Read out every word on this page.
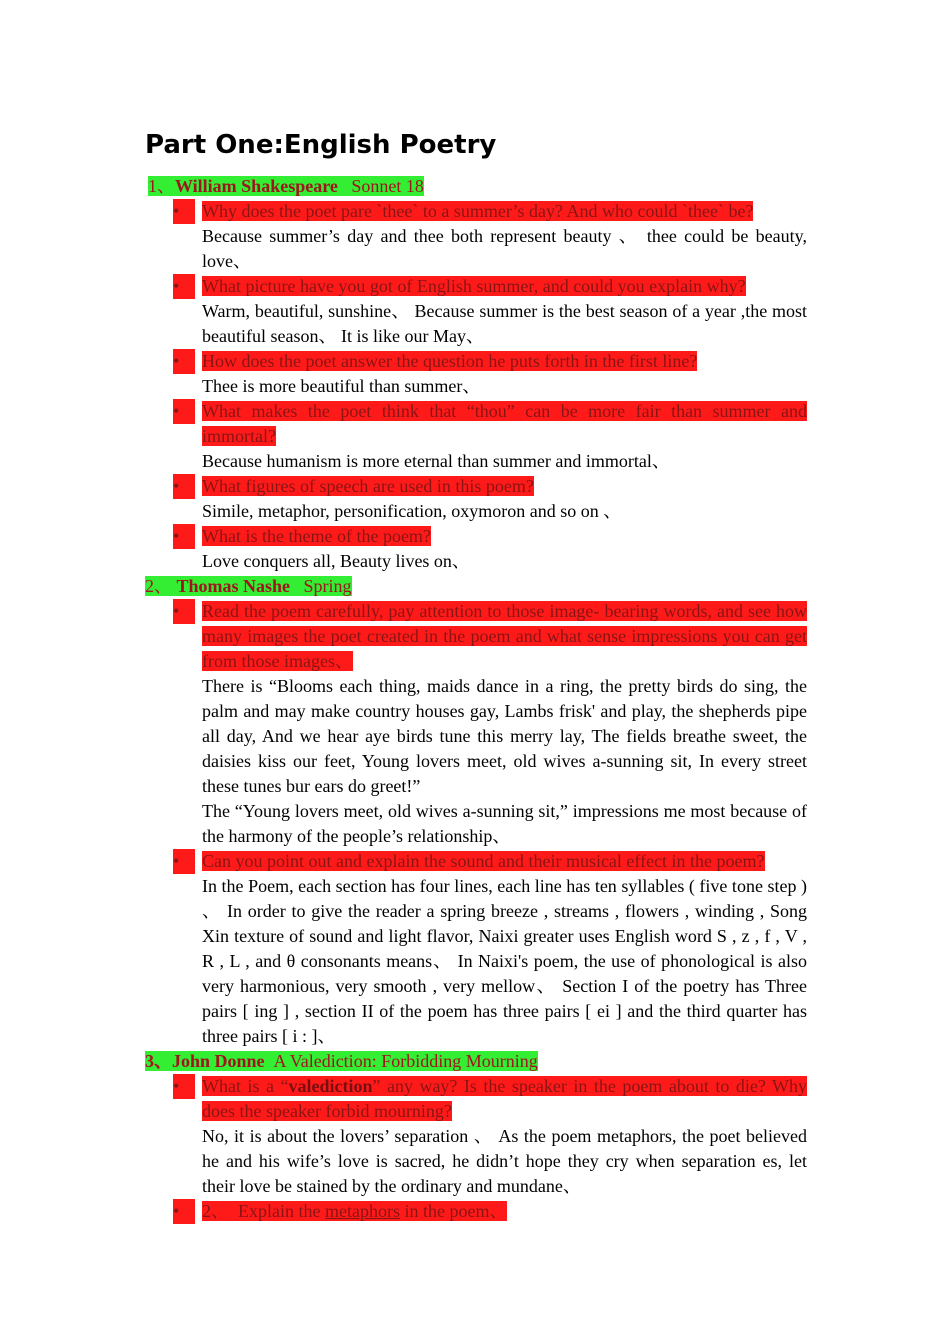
Part One:English Poetry
1、William Shakespeare Sonnet 18
•	Why does the poet pare `thee` to a summer’s day? And who could `thee` be?
Because summer’s day and thee both represent beauty 、 thee could be beauty, love、
•	What picture have you got of English summer, and could you explain why?
Warm, beautiful, sunshine、 Because summer is the best season of a year ,the most beautiful season、 It is like our May、
•	How does the poet answer the question he puts forth in the first line?
Thee is more beautiful than summer、
•	What makes the poet think that “thou” can be more fair than summer and immortal?
Because humanism is more eternal than summer and immortal、
•	What figures of speech are used in this poem?
Simile, metaphor, personification, oxymoron and so on 、
•	What is the theme of the poem?
Love conquers all, Beauty lives on、
2、 Thomas Nashe Spring
•	Read the poem carefully, pay attention to those image- bearing words, and see how many images the poet created in the poem and what sense impressions you can get from those images、
There is “Blooms each thing, maids dance in a ring, the pretty birds do sing, the palm and may make country houses gay, Lambs frisk' and play, the shepherds pipe all day, And we hear aye birds tune this merry lay, The fields breathe sweet, the daisies kiss our feet, Young lovers meet, old wives a-sunning sit, In every street these tunes bur ears do greet!”
The “Young lovers meet, old wives a-sunning sit,” impressions me most because of the harmony of the people’s relationship、
•	Can you point out and explain the sound and their musical effect in the poem?
In the Poem, each section has four lines, each line has ten syllables ( five tone step ) 、 In order to give the reader a spring breeze , streams , flowers , winding , Song Xin texture of sound and light flavor, Naixi greater uses English word S , z , f , V , R , L , and θ consonants means、 In Naixi's poem, the use of phonological is also very harmonious, very smooth , very mellow、 Section I of the poetry has Three pairs [ ing ] , section II of the poem has three pairs [ ei ] and the third quarter has three pairs [ i : ]、
3、John Donne A Valediction: Forbidding Mourning
•	What is a “valediction” any way? Is the speaker in the poem about to die? Why does the speaker forbid mourning?
No, it is about the lovers’ separation 、 As the poem metaphors, the poet believed he and his wife’s love is sacred, he didn’t hope they cry when separation es, let their love be stained by the ordinary and mundane、
•	2、 Explain the metaphors in the poem、
